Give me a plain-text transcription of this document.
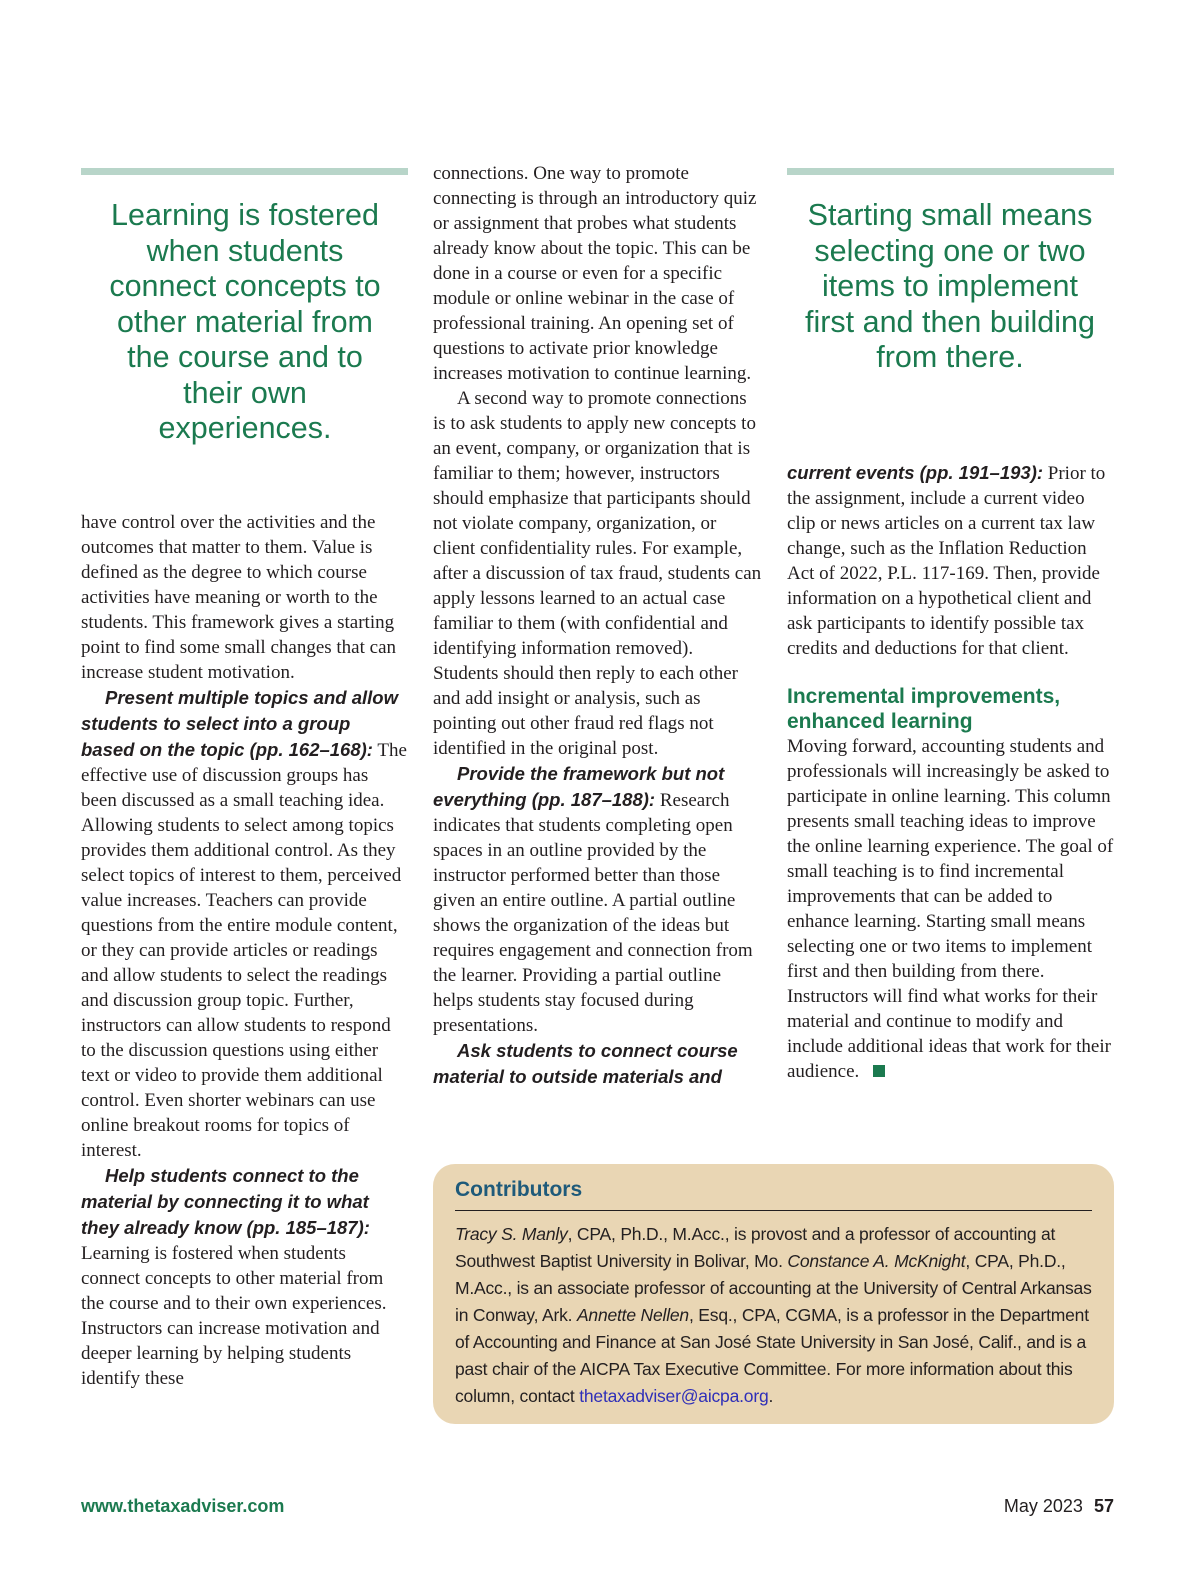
Learning is fostered when students connect concepts to other material from the course and to their own experiences.

have control over the activities and the outcomes that matter to them. Value is defined as the degree to which course activities have meaning or worth to the students. This framework gives a starting point to find some small changes that can increase student motivation.

Present multiple topics and allow students to select into a group based on the topic (pp. 162–168): The effective use of discussion groups has been discussed as a small teaching idea. Allowing students to select among topics provides them additional control. As they select topics of interest to them, perceived value increases. Teachers can provide questions from the entire module content, or they can provide articles or readings and allow students to select the readings and discussion group topic. Further, instructors can allow students to respond to the discussion questions using either text or video to provide them additional control. Even shorter webinars can use online breakout rooms for topics of interest.

Help students connect to the material by connecting it to what they already know (pp. 185–187): Learning is fostered when students connect concepts to other material from the course and to their own experiences. Instructors can increase motivation and deeper learning by helping students identify these

connections. One way to promote connecting is through an introductory quiz or assignment that probes what students already know about the topic. This can be done in a course or even for a specific module or online webinar in the case of professional training. An opening set of questions to activate prior knowledge increases motivation to continue learning.

A second way to promote connections is to ask students to apply new concepts to an event, company, or organization that is familiar to them; however, instructors should emphasize that participants should not violate company, organization, or client confidentiality rules. For example, after a discussion of tax fraud, students can apply lessons learned to an actual case familiar to them (with confidential and identifying information removed). Students should then reply to each other and add insight or analysis, such as pointing out other fraud red flags not identified in the original post.

Provide the framework but not everything (pp. 187–188): Research indicates that students completing open spaces in an outline provided by the instructor performed better than those given an entire outline. A partial outline shows the organization of the ideas but requires engagement and connection from the learner. Providing a partial outline helps students stay focused during presentations.

Ask students to connect course material to outside materials and

Starting small means selecting one or two items to implement first and then building from there.

current events (pp. 191–193): Prior to the assignment, include a current video clip or news articles on a current tax law change, such as the Inflation Reduction Act of 2022, P.L. 117-169. Then, provide information on a hypothetical client and ask participants to identify possible tax credits and deductions for that client.

Incremental improvements, enhanced learning

Moving forward, accounting students and professionals will increasingly be asked to participate in online learning. This column presents small teaching ideas to improve the online learning experience. The goal of small teaching is to find incremental improvements that can be added to enhance learning. Starting small means selecting one or two items to implement first and then building from there. Instructors will find what works for their material and continue to modify and include additional ideas that work for their audience.

Contributors

Tracy S. Manly, CPA, Ph.D., M.Acc., is provost and a professor of accounting at Southwest Baptist University in Bolivar, Mo. Constance A. McKnight, CPA, Ph.D., M.Acc., is an associate professor of accounting at the University of Central Arkansas in Conway, Ark. Annette Nellen, Esq., CPA, CGMA, is a professor in the Department of Accounting and Finance at San José State University in San José, Calif., and is a past chair of the AICPA Tax Executive Committee. For more information about this column, contact thetaxadviser@aicpa.org.

www.thetaxadviser.com	May 2023 57
